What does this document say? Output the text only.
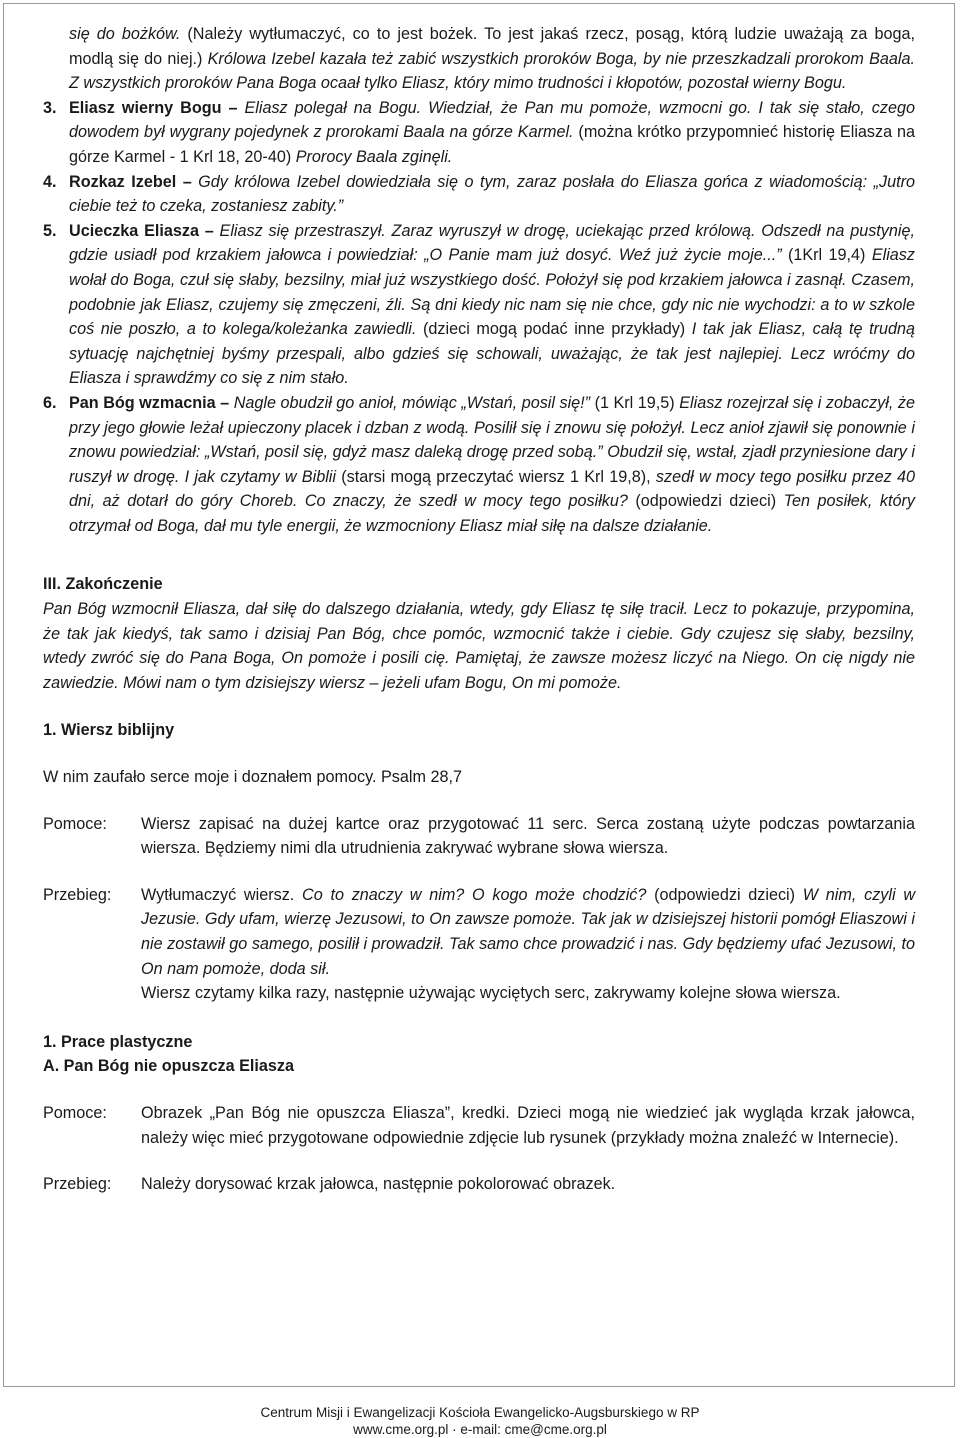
się do bożków. (Należy wytłumaczyć, co to jest bożek. To jest jakaś rzecz, posąg, którą ludzie uważają za boga, modlą się do niej.) Królowa Izebel kazała też zabić wszystkich proroków Boga, by nie przeszkadzali prorokom Baala. Z wszystkich proroków Pana Boga ocaał tylko Eliasz, który mimo trudności i kłopotów, pozostał wierny Bogu.

3. Eliasz wierny Bogu – Eliasz polegał na Bogu. Wiedział, że Pan mu pomoże, wzmocni go. I tak się stało, czego dowodem był wygrany pojedynek z prorokami Baala na górze Karmel. (można krótko przypomnieć historię Eliasza na górze Karmel - 1 Krl 18, 20-40) Prorocy Baala zginęli.

4. Rozkaz Izebel – Gdy królowa Izebel dowiedziała się o tym, zaraz posłała do Eliasza gońca z wiadomością: „Jutro ciebie też to czeka, zostaniesz zabity.”

5. Ucieczka Eliasza – Eliasz się przestraszył. Zaraz wyruszył w drogę, uciekając przed królową. Odszedł na pustynię, gdzie usiadł pod krzakiem jałowca i powiedział: „O Panie mam już dosyć. Weź już życie moje...” (1Krl 19,4) Eliasz wołał do Boga, czuł się słaby, bezsilny, miał już wszystkiego dość. Położył się pod krzakiem jałowca i zasnął. Czasem, podobnie jak Eliasz, czujemy się zmęczeni, źli. Są dni kiedy nic nam się nie chce, gdy nic nie wychodzi: a to w szkole coś nie poszło, a to kolega/koleżanka zawiedli. (dzieci mogą podać inne przykłady) I tak jak Eliasz, całą tę trudną sytuację najchętniej byśmy przespali, albo gdzieś się schowali, uważając, że tak jest najlepiej. Lecz wróćmy do Eliasza i sprawdźmy co się z nim stało.

6. Pan Bóg wzmacnia – Nagle obudził go anioł, mówiąc „Wstań, posil się!” (1 Krl 19,5) Eliasz rozejrzał się i zobaczył, że przy jego głowie leżał upieczony placek i dzban z wodą. Posilił się i znowu się położył. Lecz anioł zjawił się ponownie i znowu powiedział: „Wstań, posil się, gdyż masz daleką drogę przed sobą.” Obudził się, wstał, zjadł przyniesione dary i ruszył w drogę. I jak czytamy w Biblii (starsi mogą przeczytać wiersz 1 Krl 19,8), szedł w mocy tego posiłku przez 40 dni, aż dotarł do góry Choreb. Co znaczy, że szedł w mocy tego posiłku? (odpowiedzi dzieci) Ten posiłek, który otrzymał od Boga, dał mu tyle energii, że wzmocniony Eliasz miał siłę na dalsze działanie.

III. Zakończenie

Pan Bóg wzmocnił Eliasza, dał siłę do dalszego działania, wtedy, gdy Eliasz tę siłę tracił. Lecz to pokazuje, przypomina, że tak jak kiedyś, tak samo i dzisiaj Pan Bóg, chce pomóc, wzmocnić także i ciebie. Gdy czujesz się słaby, bezsilny, wtedy zwróć się do Pana Boga, On pomoże i posili cię. Pamiętaj, że zawsze możesz liczyć na Niego. On cię nigdy nie zawiedzie. Mówi nam o tym dzisiejszy wiersz – jeżeli ufam Bogu, On mi pomoże.

1. Wiersz biblijny

W nim zaufało serce moje i doznałem pomocy. Psalm 28,7

Pomoce:	Wiersz zapisać na dużej kartce oraz przygotować 11 serc. Serca zostaną użyte podczas powtarzania wiersza. Będziemy nimi dla utrudnienia zakrywać wybrane słowa wiersza.
Przebieg:	Wytłumaczyć wiersz. Co to znaczy w nim? O kogo może chodzić? (odpowiedzi dzieci) W nim, czyli w Jezusie. Gdy ufam, wierzę Jezusowi, to On zawsze pomoże. Tak jak w dzisiejszej historii pomógł Eliaszowi i nie zostawił go samego, posilił i prowadził. Tak samo chce prowadzić i nas. Gdy będziemy ufać Jezusowi, to On nam pomoże, doda sił.
Wiersz czytamy kilka razy, następnie używając wyciętych serc, zakrywamy kolejne słowa wiersza.
1. Prace plastyczne
A. Pan Bóg nie opuszcza Eliasza
Pomoce:	Obrazek „Pan Bóg nie opuszcza Eliasza”, kredki. Dzieci mogą nie wiedzieć jak wygląda krzak jałowca, należy więc mieć przygotowane odpowiednie zdjęcie lub rysunek (przykłady można znaleźć w Internecie).
Przebieg:	Należy dorysować krzak jałowca, następnie pokolorować obrazek.
Centrum Misji i Ewangelizacji Kościoła Ewangelicko-Augsburskiego w RP
www.cme.org.pl · e-mail: cme@cme.org.pl
